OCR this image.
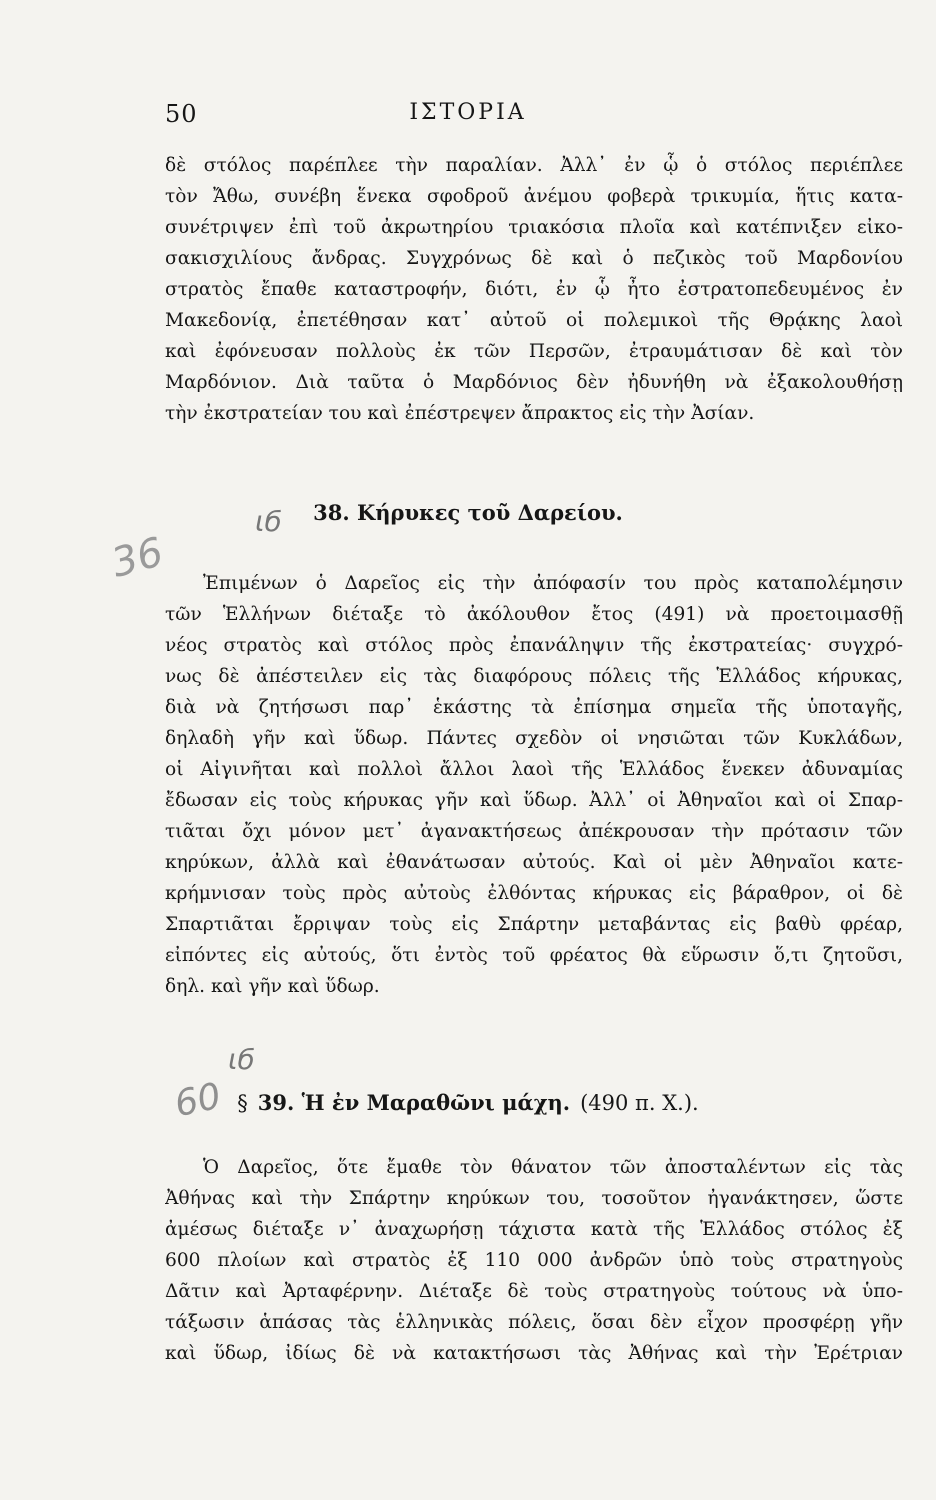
50	ΙΣΤΟΡΙΑ
δὲ στόλος παρέπλεε τὴν παραλίαν. Ἀλλ᾽ ἐν ᾧ ὁ στόλος περιέπλεε
τὸν Ἄθω, συνέβη ἕνεκα σφοδροῦ ἀνέμου φοβερὰ τρικυμία, ἥτις κατα-
συνέτριψεν ἐπὶ τοῦ ἀκρωτηρίου τριακόσια πλοῖα καὶ κατέπνιξεν εἰκο-
σακισχιλίους ἄνδρας. Συγχρόνως δὲ καὶ ὁ πεζικὸς τοῦ Μαρδονίου
στρατὸς ἔπαθε καταστροφήν, διότι, ἐν ᾧ ἦτο ἐστρατοπεδευμένος ἐν
Μακεδονίᾳ, ἐπετέθησαν κατ᾽ αὐτοῦ οἱ πολεμικοὶ τῆς Θρᾴκης λαοὶ
καὶ ἐφόνευσαν πολλοὺς ἐκ τῶν Περσῶν, ἐτραυμάτισαν δὲ καὶ τὸν
Μαρδόνιον. Διὰ ταῦτα ὁ Μαρδόνιος δὲν ἠδυνήθη νὰ ἐξακολουθήσῃ
τὴν ἐκστρατείαν του καὶ ἐπέστρεψεν ἄπρακτος εἰς τὴν Ἀσίαν.
ιб
36
38. Κήρυκες τοῦ Δαρείου.
Ἐπιμένων ὁ Δαρεῖος εἰς τὴν ἀπόφασίν του πρὸς καταπολέμησιν
τῶν Ἑλλήνων διέταξε τὸ ἀκόλουθον ἔτος (491) νὰ προετοιμασθῇ
νέος στρατὸς καὶ στόλος πρὸς ἐπανάληψιν τῆς ἐκστρατείας· συγχρό-
νως δὲ ἀπέστειλεν εἰς τὰς διαφόρους πόλεις τῆς Ἑλλάδος κήρυκας,
διὰ νὰ ζητήσωσι παρ᾽ ἑκάστης τὰ ἐπίσημα σημεῖα τῆς ὑποταγῆς,
δηλαδὴ γῆν καὶ ὕδωρ. Πάντες σχεδὸν οἱ νησιῶται τῶν Κυκλάδων,
οἱ Αἰγινῆται καὶ πολλοὶ ἄλλοι λαοὶ τῆς Ἑλλάδος ἕνεκεν ἀδυναμίας
ἔδωσαν εἰς τοὺς κήρυκας γῆν καὶ ὕδωρ. Ἀλλ᾽ οἱ Ἀθηναῖοι καὶ οἱ Σπαρ-
τιᾶται ὄχι μόνον μετ᾽ ἀγανακτήσεως ἀπέκρουσαν τὴν πρότασιν τῶν
κηρύκων, ἀλλὰ καὶ ἐθανάτωσαν αὐτούς. Καὶ οἱ μὲν Ἀθηναῖοι κατε-
κρήμνισαν τοὺς πρὸς αὐτοὺς ἐλθόντας κήρυκας εἰς βάραθρον, οἱ δὲ
Σπαρτιᾶται ἔρριψαν τοὺς εἰς Σπάρτην μεταβάντας εἰς βαθὺ φρέαρ,
εἰπόντες εἰς αὐτούς, ὅτι ἐντὸς τοῦ φρέατος θὰ εὕρωσιν ὅ,τι ζητοῦσι,
δηλ. καὶ γῆν καὶ ὕδωρ.
ιб
60 § 39. Ἡ ἐν Μαραθῶνι μάχη. (490 π. Χ.).
Ὁ Δαρεῖος, ὅτε ἔμαθε τὸν θάνατον τῶν ἀποσταλέντων εἰς τὰς
Ἀθήνας καὶ τὴν Σπάρτην κηρύκων του, τοσοῦτον ἠγανάκτησεν, ὥστε
ἀμέσως διέταξε ν᾽ ἀναχωρήσῃ τάχιστα κατὰ τῆς Ἑλλάδος στόλος ἐξ
600 πλοίων καὶ στρατὸς ἐξ 110 000 ἀνδρῶν ὑπὸ τοὺς στρατηγοὺς
Δᾶτιν καὶ Ἀρταφέρνην. Διέταξε δὲ τοὺς στρατηγοὺς τούτους νὰ ὑπο-
τάξωσιν ἁπάσας τὰς ἑλληνικὰς πόλεις, ὅσαι δὲν εἶχον προσφέρῃ γῆν
καὶ ὕδωρ, ἰδίως δὲ νὰ κατακτήσωσι τὰς Ἀθήνας καὶ τὴν Ἐρέτριαν
